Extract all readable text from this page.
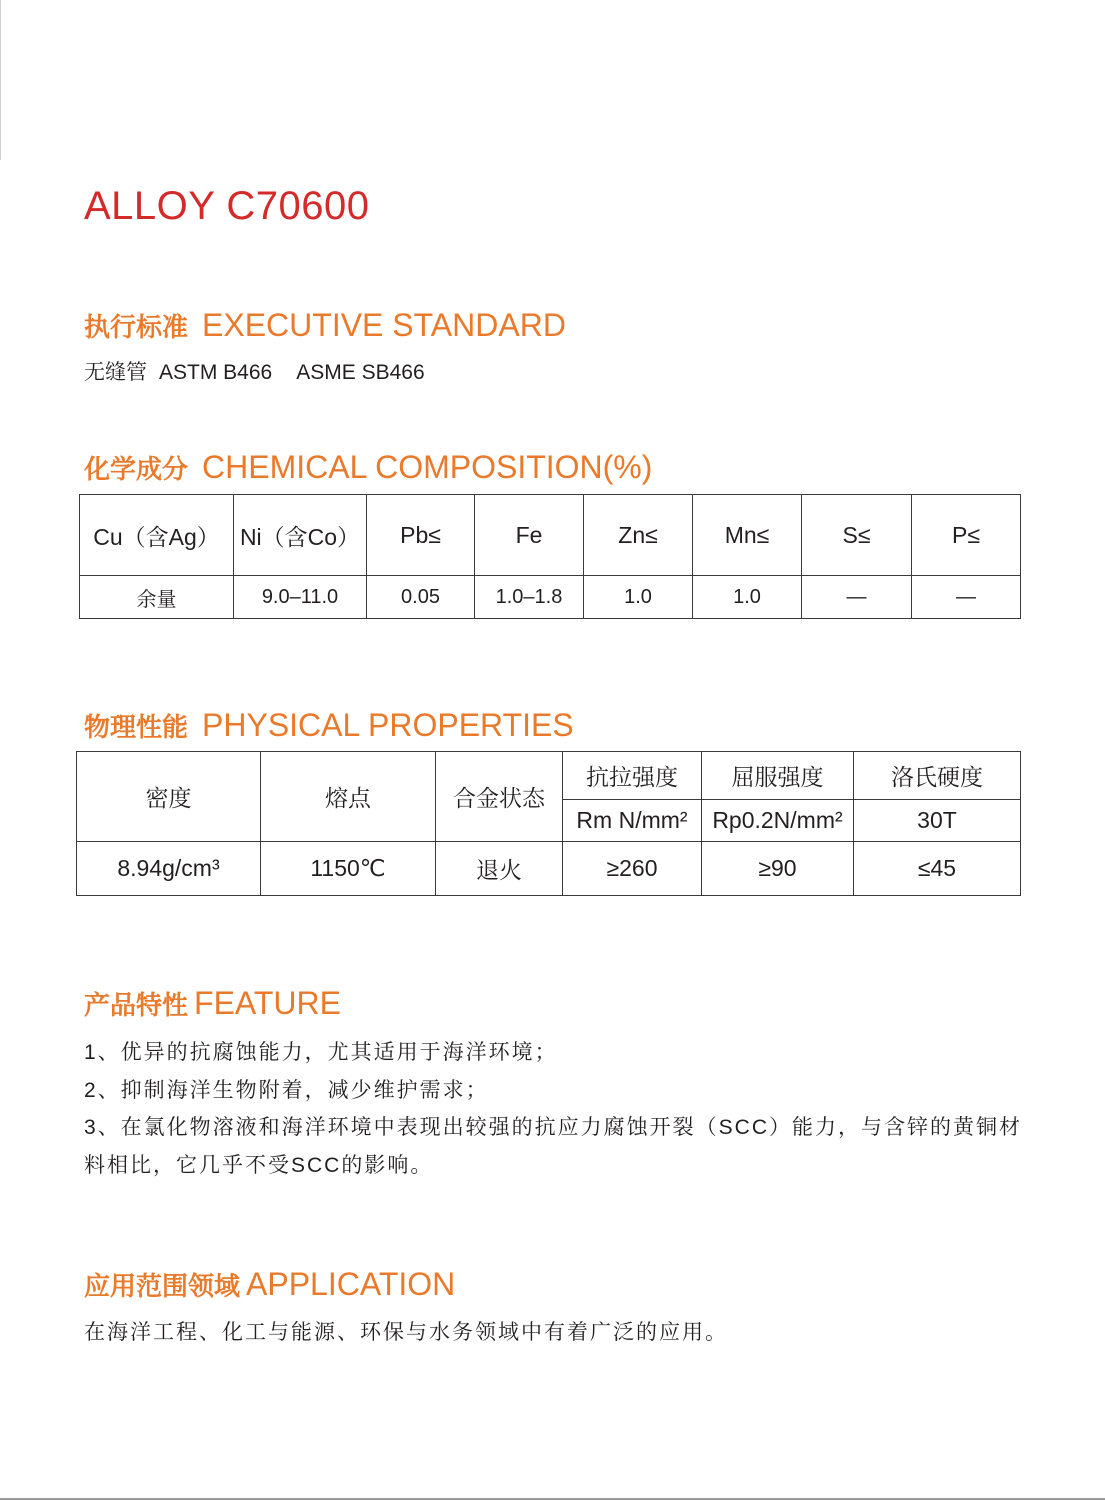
ALLOY C70600
执行标准 EXECUTIVE STANDARD
无缝管 ASTM B466 ASME SB466
化学成分 CHEMICAL COMPOSITION(%)
Cu（含Ag）	Ni（含Co）	Pb≤	Fe	Zn≤	Mn≤	S≤	P≤
余量	9.0–11.0	0.05	1.0–1.8	1.0	1.0	—	—
物理性能 PHYSICAL PROPERTIES
密度	熔点	合金状态	抗拉强度	屈服强度	洛氏硬度
			Rm N/mm²	Rp0.2N/mm²	30T
8.94g/cm³	1150℃	退火	≥260	≥90	≤45
产品特性 FEATURE
1、优异的抗腐蚀能力，尤其适用于海洋环境；
2、抑制海洋生物附着，减少维护需求；
3、在氯化物溶液和海洋环境中表现出较强的抗应力腐蚀开裂（SCC）能力，与含锌的黄铜材料相比，它几乎不受SCC的影响。
应用范围领域 APPLICATION
在海洋工程、化工与能源、环保与水务领域中有着广泛的应用。
